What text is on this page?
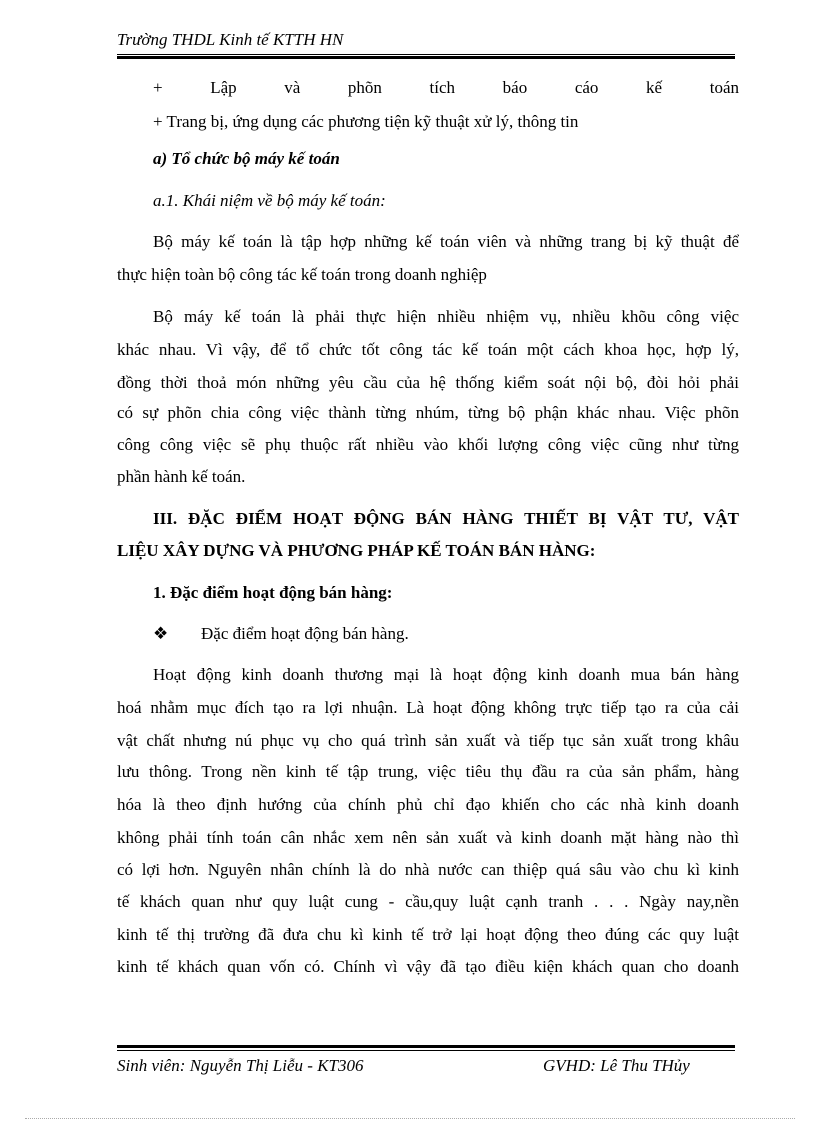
Trường THDL Kinh tế KTTH HN
+ Lập và phõn tích báo cáo kế toán
+ Trang bị, ứng dụng các phương tiện kỹ thuật xử lý, thông tin
a) Tổ chức bộ máy kế toán
a.1. Khái niệm về bộ máy kế toán:
Bộ máy kế toán là tập hợp những kế toán viên và những trang bị kỹ thuật để
thực hiện toàn bộ công tác kế toán trong doanh nghiệp
Bộ máy kế toán là phải thực hiện nhiều nhiệm vụ, nhiều khõu công việc
khác nhau. Vì vậy, để tổ chức tốt công tác kế toán một cách khoa học, hợp lý,
đồng thời thoả món những yêu cầu của hệ thống kiểm soát nội bộ, đòi hỏi phải
có sự phõn chia công việc thành từng nhúm, từng bộ phận khác nhau. Việc phõn
công công việc sẽ phụ thuộc rất nhiều vào khối lượng công việc cũng như từng
phần hành kế toán.
III. ĐẶC ĐIỂM HOẠT ĐỘNG BÁN HÀNG THIẾT BỊ VẬT TƯ, VẬT
LIỆU XÂY DỰNG VÀ PHƯƠNG PHÁP KẾ TOÁN BÁN HÀNG:
1. Đặc điểm hoạt động bán hàng:
❖ Đặc điểm hoạt động bán hàng.
Hoạt động kinh doanh thương mại là hoạt động kinh doanh mua bán hàng
hoá nhằm mục đích tạo ra lợi nhuận. Là hoạt động không trực tiếp tạo ra của cải
vật chất nhưng nú phục vụ cho quá trình sản xuất và tiếp tục sản xuất trong khâu
lưu thông. Trong nền kinh tế tập trung, việc tiêu thụ đầu ra của sản phẩm, hàng
hóa là theo định hướng của chính phủ chỉ đạo khiến cho các nhà kinh doanh
không phải tính toán cân nhắc xem nên sản xuất và kinh doanh mặt hàng nào thì
có lợi hơn. Nguyên nhân chính là do nhà nước can thiệp quá sâu vào chu kì kinh
tế khách quan như quy luật cung - cầu,quy luật cạnh tranh . . . Ngày nay,nền
kinh tế thị trường đã đưa chu kì kinh tế trở lại hoạt động theo đúng các quy luật
kinh tế khách quan vốn có. Chính vì vậy đã tạo điều kiện khách quan cho doanh
Sinh viên: Nguyễn Thị Liễu - KT306	GVHD: Lê Thu THủy
